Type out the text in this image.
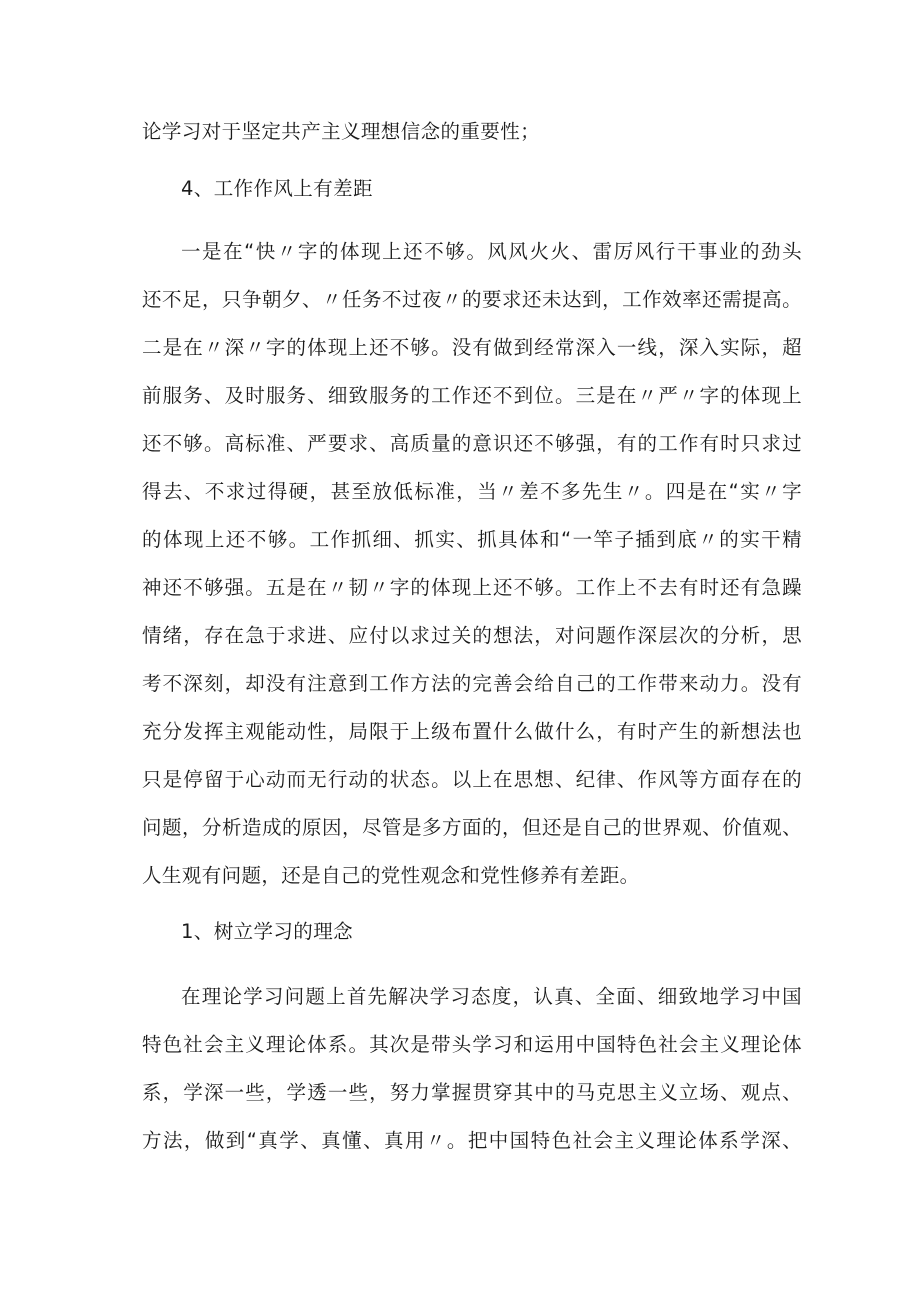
论学习对于坚定共产主义理想信念的重要性；
4、工作作风上有差距
一是在“快〃字的体现上还不够。风风火火、雷厉风行干事业的劲头
还不足，只争朝夕、〃任务不过夜〃的要求还未达到，工作效率还需提高。
二是在〃深〃字的体现上还不够。没有做到经常深入一线，深入实际，超
前服务、及时服务、细致服务的工作还不到位。三是在〃严〃字的体现上
还不够。高标准、严要求、高质量的意识还不够强，有的工作有时只求过
得去、不求过得硬，甚至放低标准，当〃差不多先生〃。四是在“实〃字
的体现上还不够。工作抓细、抓实、抓具体和“一竿子插到底〃的实干精
神还不够强。五是在〃韧〃字的体现上还不够。工作上不去有时还有急躁
情绪，存在急于求进、应付以求过关的想法，对问题作深层次的分析，思
考不深刻，却没有注意到工作方法的完善会给自己的工作带来动力。没有
充分发挥主观能动性，局限于上级布置什么做什么，有时产生的新想法也
只是停留于心动而无行动的状态。以上在思想、纪律、作风等方面存在的
问题，分析造成的原因，尽管是多方面的，但还是自己的世界观、价值观、
人生观有问题，还是自己的党性观念和党性修养有差距。
1、树立学习的理念
在理论学习问题上首先解决学习态度，认真、全面、细致地学习中国
特色社会主义理论体系。其次是带头学习和运用中国特色社会主义理论体
系，学深一些，学透一些，努力掌握贯穿其中的马克思主义立场、观点、
方法，做到“真学、真懂、真用〃。把中国特色社会主义理论体系学深、
